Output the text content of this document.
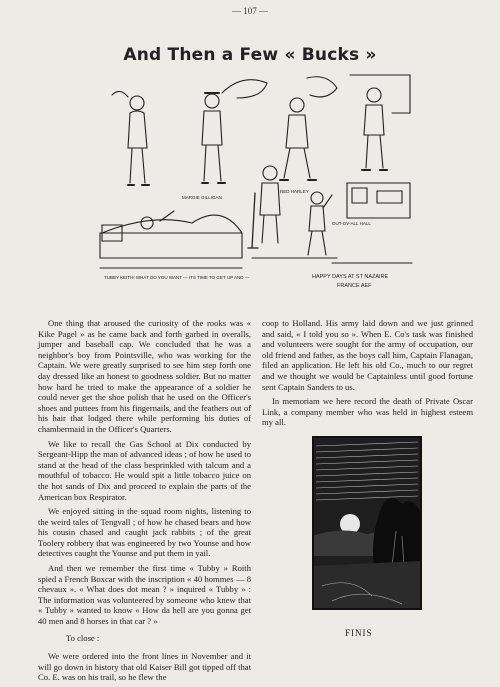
— 107 —
And Then a Few « Bucks »
MARGIE GILLIGAN
RED HARLEY
TUBBY KEITH! WHAT DO YOU WANT — ITS TIME TO GET UP AND —
OUT-OV-ALL HALL
HAPPY DAYS AT ST NAZAIRE
FRANCE AEF

One thing that aroused the curiosity of the rooks was « Kike Pagel » as he came back and forth garbed in overalls, jumper and baseball cap. We concluded that he was a neighbor's boy from Pointsville, who was working for the Captain. We were greatly surprised to see him step forth one day dressed like an honest to goodness soldier. But no matter how hard he tried to make the appearance of a soldier he could never get the shoe polish that he used on the Officer's shoes and puttees from his fingernails, and the feathers out of his hair that lodged there while performing his duties of chambermaid in the Officer's Quarters.

We like to recall the Gas School at Dix conducted by Sergeant-Hipp the man of advanced ideas ; of how he used to stand at the head of the class besprinkled with talcum and a mouthful of tobacco. He would spit a little tobacco juice on the hot sands of Dix and proceed to explain the parts of the American box Respirator.

We enjoyed sitting in the squad room nights, listening to the weird tales of Tengvall ; of how he chased bears and how his cousin chased and caught jack rabbits ; of the great Toolery robbery that was engineered by two Younse and how detectives caught the Younse and put them in yail.

And then we remember the first time « Tubby » Roith spied a French Boxcar with the inscription « 40 hommes — 8 chevaux ». « What does dot mean ? » inquired « Tubby » : The information was volunteered by someone who knew that « Tubby » wanted to know « How da hell are you gonna get 40 men and 8 horses in that car ? »

To close :

We were ordered into the front lines in November and it will go down in history that old Kaiser Bill got tipped off that Co. E. was on his trail, so he flew the

coop to Holland. His army laid down and we just grinned and said, « I told you so ». When E. Co's task was finished and volunteers were sought for the army of occupation, our old friend and father, as the boys call him, Captain Flanagan, filed an application. He left his old Co., much to our regret and we thought we would be Captainless until good fortune sent Captain Sanders to us.

In memoriam we here record the death of Private Oscar Link, a company member who was held in highest esteem my all.

FINIS
